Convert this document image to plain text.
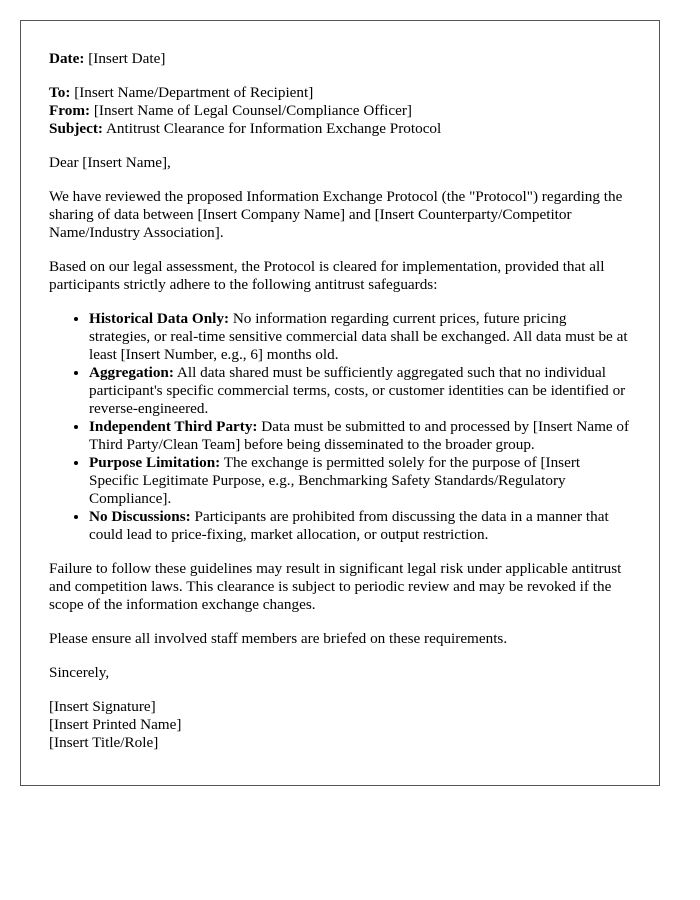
Date: [Insert Date]

To: [Insert Name/Department of Recipient]

From: [Insert Name of Legal Counsel/Compliance Officer]

Subject: Antitrust Clearance for Information Exchange Protocol

Dear [Insert Name],

We have reviewed the proposed Information Exchange Protocol (the "Protocol") regarding the sharing of data between [Insert Company Name] and [Insert Counterparty/Competitor Name/Industry Association].

Based on our legal assessment, the Protocol is cleared for implementation, provided that all participants strictly adhere to the following antitrust safeguards:

• Historical Data Only: No information regarding current prices, future pricing strategies, or real-time sensitive commercial data shall be exchanged. All data must be at least [Insert Number, e.g., 6] months old.
• Aggregation: All data shared must be sufficiently aggregated such that no individual participant's specific commercial terms, costs, or customer identities can be identified or reverse-engineered.
• Independent Third Party: Data must be submitted to and processed by [Insert Name of Third Party/Clean Team] before being disseminated to the broader group.
• Purpose Limitation: The exchange is permitted solely for the purpose of [Insert Specific Legitimate Purpose, e.g., Benchmarking Safety Standards/Regulatory Compliance].
• No Discussions: Participants are prohibited from discussing the data in a manner that could lead to price-fixing, market allocation, or output restriction.

Failure to follow these guidelines may result in significant legal risk under applicable antitrust and competition laws. This clearance is subject to periodic review and may be revoked if the scope of the information exchange changes.

Please ensure all involved staff members are briefed on these requirements.

Sincerely,

[Insert Signature]

[Insert Printed Name]

[Insert Title/Role]
